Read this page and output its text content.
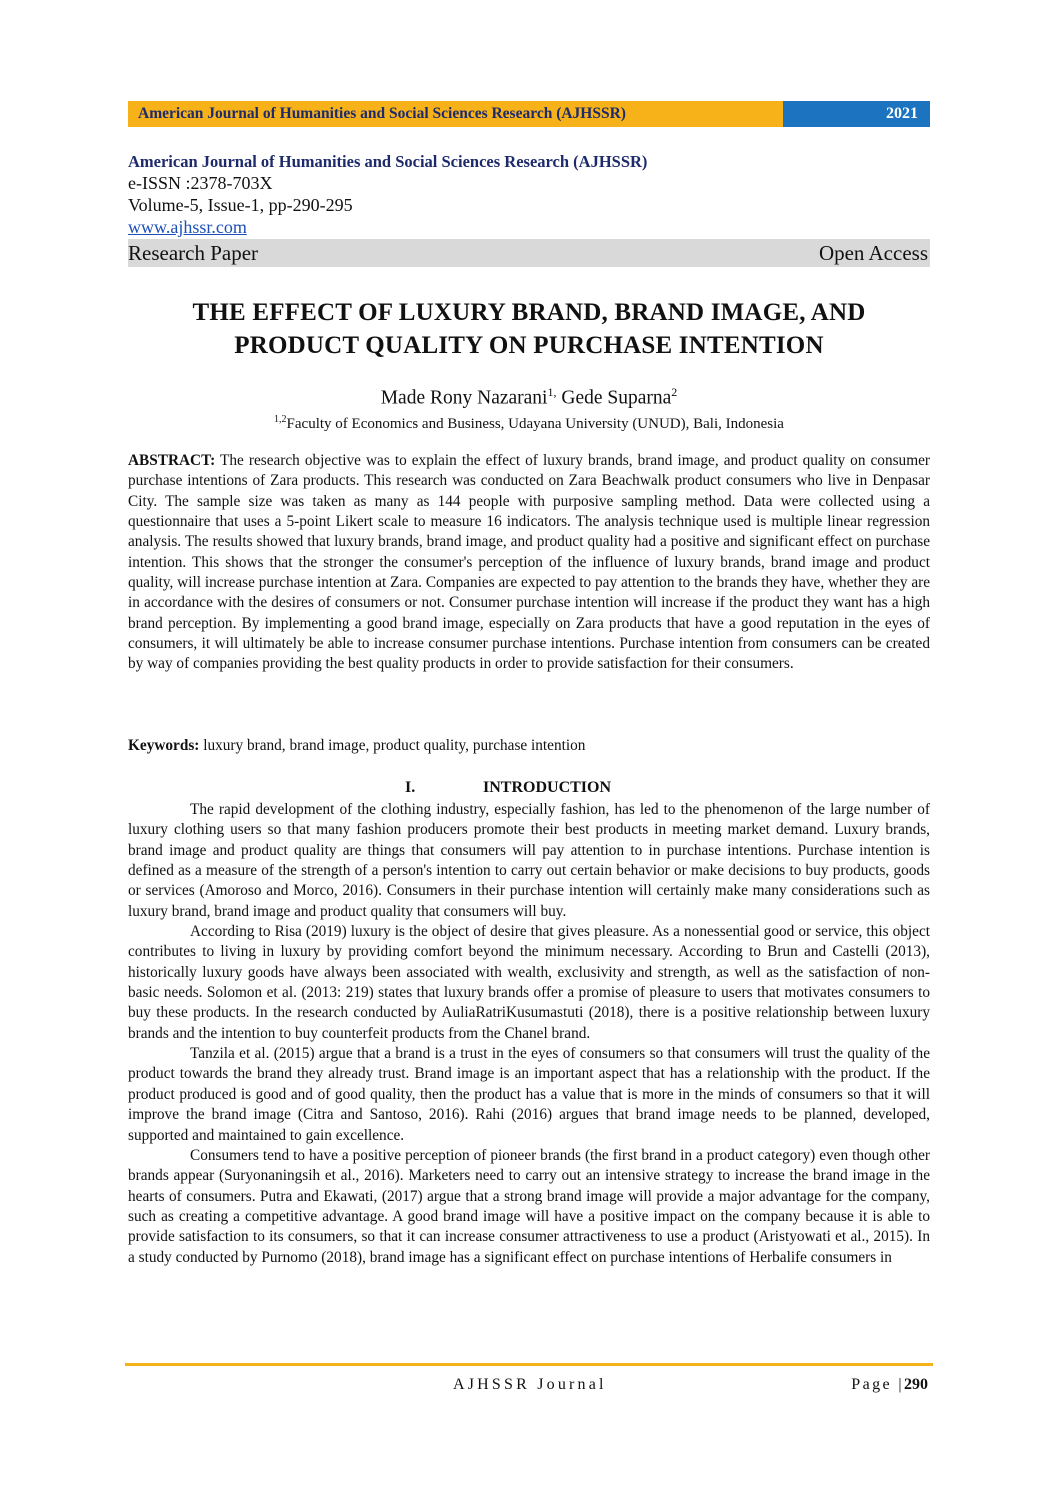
American Journal of Humanities and Social Sciences Research (AJHSSR)	2021
American Journal of Humanities and Social Sciences Research (AJHSSR)
e-ISSN :2378-703X
Volume-5, Issue-1, pp-290-295
www.ajhssr.com
Research Paper	Open Access
THE EFFECT OF LUXURY BRAND, BRAND IMAGE, AND
PRODUCT QUALITY ON PURCHASE INTENTION
Made Rony Nazarani$^{1,}$ Gede Suparna$^2$
$^{1,2}$Faculty of Economics and Business, Udayana University (UNUD), Bali, Indonesia
ABSTRACT: The research objective was to explain the effect of luxury brands, brand image, and product quality on consumer purchase intentions of Zara products. This research was conducted on Zara Beachwalk product consumers who live in Denpasar City. The sample size was taken as many as 144 people with purposive sampling method. Data were collected using a questionnaire that uses a 5-point Likert scale to measure 16 indicators. The analysis technique used is multiple linear regression analysis. The results showed that luxury brands, brand image, and product quality had a positive and significant effect on purchase intention. This shows that the stronger the consumer's perception of the influence of luxury brands, brand image and product quality, will increase purchase intention at Zara. Companies are expected to pay attention to the brands they have, whether they are in accordance with the desires of consumers or not. Consumer purchase intention will increase if the product they want has a high brand perception. By implementing a good brand image, especially on Zara products that have a good reputation in the eyes of consumers, it will ultimately be able to increase consumer purchase intentions. Purchase intention from consumers can be created by way of companies providing the best quality products in order to provide satisfaction for their consumers.
Keywords: luxury brand, brand image, product quality, purchase intention
I.	INTRODUCTION

The rapid development of the clothing industry, especially fashion, has led to the phenomenon of the large number of luxury clothing users so that many fashion producers promote their best products in meeting market demand. Luxury brands, brand image and product quality are things that consumers will pay attention to in purchase intentions. Purchase intention is defined as a measure of the strength of a person's intention to carry out certain behavior or make decisions to buy products, goods or services (Amoroso and Morco, 2016). Consumers in their purchase intention will certainly make many considerations such as luxury brand, brand image and product quality that consumers will buy.

According to Risa (2019) luxury is the object of desire that gives pleasure. As a nonessential good or service, this object contributes to living in luxury by providing comfort beyond the minimum necessary. According to Brun and Castelli (2013), historically luxury goods have always been associated with wealth, exclusivity and strength, as well as the satisfaction of non-basic needs. Solomon et al. (2013: 219) states that luxury brands offer a promise of pleasure to users that motivates consumers to buy these products. In the research conducted by AuliaRatriKusumastuti (2018), there is a positive relationship between luxury brands and the intention to buy counterfeit products from the Chanel brand.

Tanzila et al. (2015) argue that a brand is a trust in the eyes of consumers so that consumers will trust the quality of the product towards the brand they already trust. Brand image is an important aspect that has a relationship with the product. If the product produced is good and of good quality, then the product has a value that is more in the minds of consumers so that it will improve the brand image (Citra and Santoso, 2016). Rahi (2016) argues that brand image needs to be planned, developed, supported and maintained to gain excellence.

Consumers tend to have a positive perception of pioneer brands (the first brand in a product category) even though other brands appear (Suryonaningsih et al., 2016). Marketers need to carry out an intensive strategy to increase the brand image in the hearts of consumers. Putra and Ekawati, (2017) argue that a strong brand image will provide a major advantage for the company, such as creating a competitive advantage. A good brand image will have a positive impact on the company because it is able to provide satisfaction to its consumers, so that it can increase consumer attractiveness to use a product (Aristyowati et al., 2015). In a study conducted by Purnomo (2018), brand image has a significant effect on purchase intentions of Herbalife consumers in

AJHSSR Journal	Page |290
